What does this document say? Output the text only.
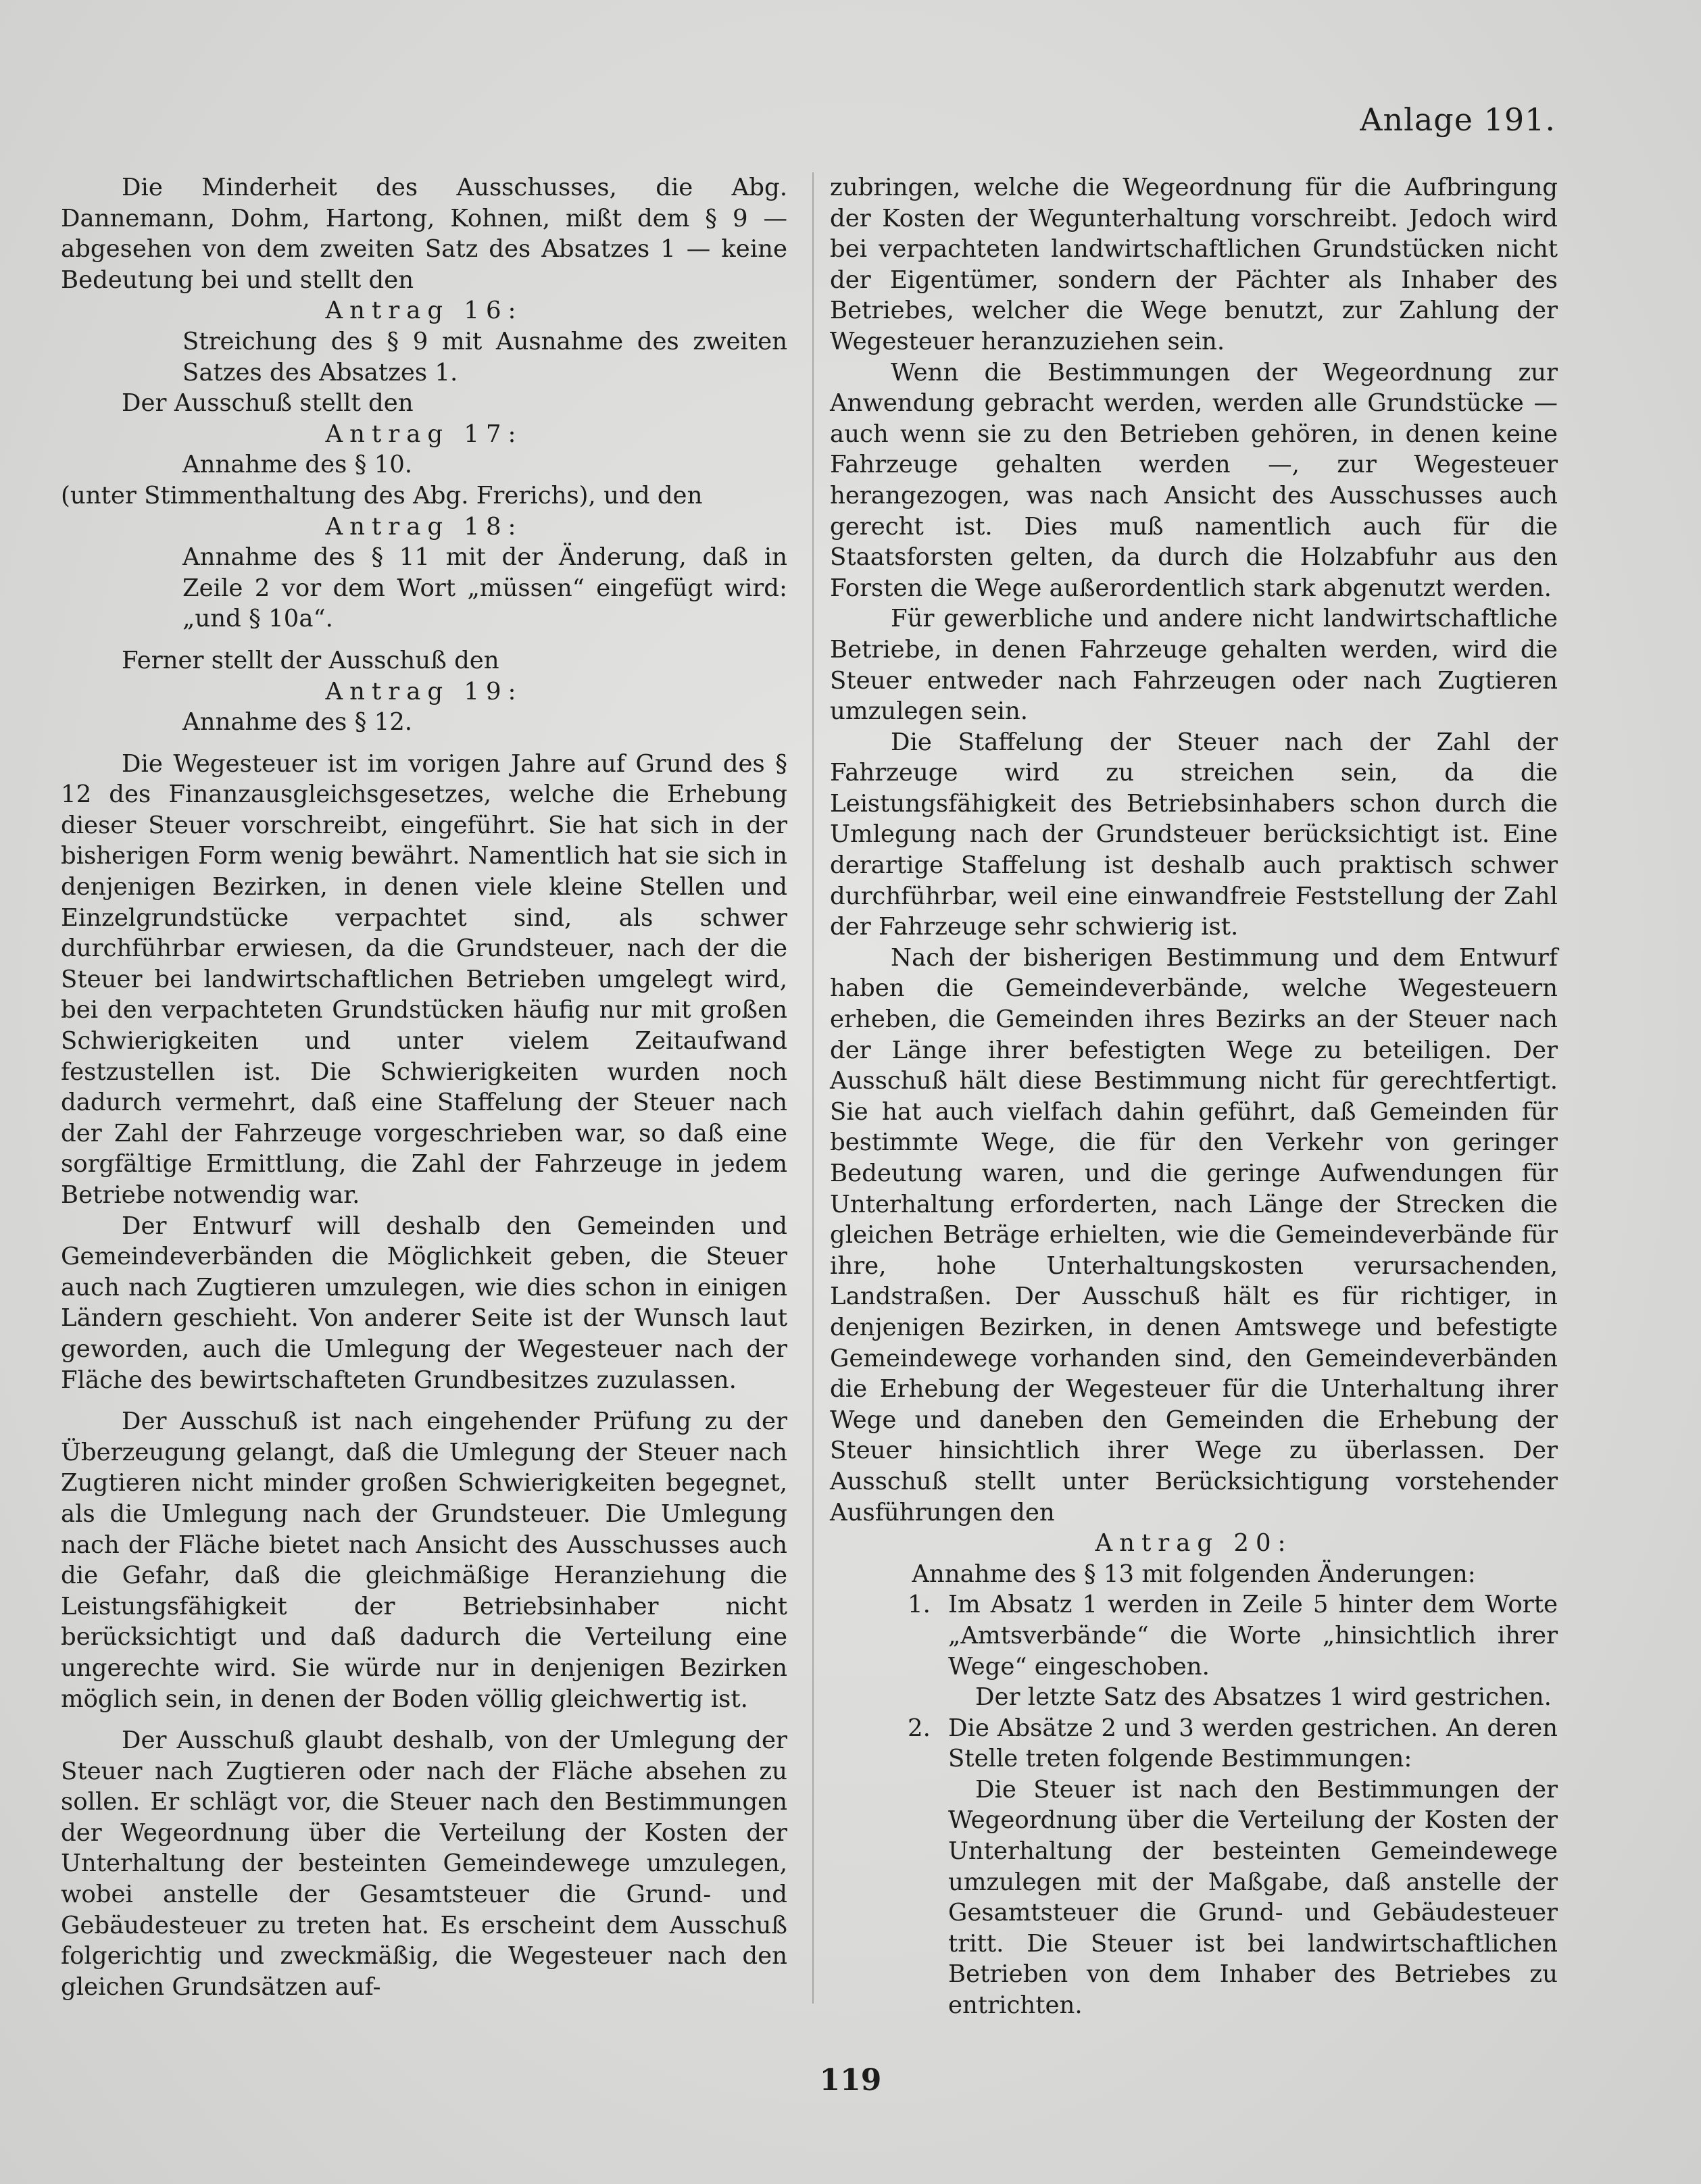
Anlage 191.

Die Minderheit des Ausschusses, die Abg. Dannemann, Dohm, Hartong, Kohnen, mißt dem § 9 — abgesehen von dem zweiten Satz des Absatzes 1 — keine Bedeutung bei und stellt den

Antrag 16:

Streichung des § 9 mit Ausnahme des zweiten Satzes des Absatzes 1.

Der Ausschuß stellt den

Antrag 17:

Annahme des § 10.

(unter Stimmenthaltung des Abg. Frerichs), und den

Antrag 18:

Annahme des § 11 mit der Änderung, daß in Zeile 2 vor dem Wort „müssen“ eingefügt wird: „und § 10a“.

Ferner stellt der Ausschuß den

Antrag 19:

Annahme des § 12.

Die Wegesteuer ist im vorigen Jahre auf Grund des § 12 des Finanzausgleichsgesetzes, welche die Erhebung dieser Steuer vorschreibt, eingeführt. Sie hat sich in der bisherigen Form wenig bewährt. Namentlich hat sie sich in denjenigen Bezirken, in denen viele kleine Stellen und Einzelgrundstücke verpachtet sind, als schwer durchführbar erwiesen, da die Grundsteuer, nach der die Steuer bei landwirtschaftlichen Betrieben umgelegt wird, bei den verpachteten Grundstücken häufig nur mit großen Schwierigkeiten und unter vielem Zeitaufwand festzustellen ist. Die Schwierigkeiten wurden noch dadurch vermehrt, daß eine Staffelung der Steuer nach der Zahl der Fahrzeuge vorgeschrieben war, so daß eine sorgfältige Ermittlung, die Zahl der Fahrzeuge in jedem Betriebe notwendig war.

Der Entwurf will deshalb den Gemeinden und Gemeindeverbänden die Möglichkeit geben, die Steuer auch nach Zugtieren umzulegen, wie dies schon in einigen Ländern geschieht. Von anderer Seite ist der Wunsch laut geworden, auch die Umlegung der Wegesteuer nach der Fläche des bewirtschafteten Grundbesitzes zuzulassen.

Der Ausschuß ist nach eingehender Prüfung zu der Überzeugung gelangt, daß die Umlegung der Steuer nach Zugtieren nicht minder großen Schwierigkeiten begegnet, als die Umlegung nach der Grundsteuer. Die Umlegung nach der Fläche bietet nach Ansicht des Ausschusses auch die Gefahr, daß die gleichmäßige Heranziehung die Leistungsfähigkeit der Betriebsinhaber nicht berücksichtigt und daß dadurch die Verteilung eine ungerechte wird. Sie würde nur in denjenigen Bezirken möglich sein, in denen der Boden völlig gleichwertig ist.

Der Ausschuß glaubt deshalb, von der Umlegung der Steuer nach Zugtieren oder nach der Fläche absehen zu sollen. Er schlägt vor, die Steuer nach den Bestimmungen der Wegeordnung über die Verteilung der Kosten der Unterhaltung der besteinten Gemeindewege umzulegen, wobei anstelle der Gesamtsteuer die Grund- und Gebäudesteuer zu treten hat. Es erscheint dem Ausschuß folgerichtig und zweckmäßig, die Wegesteuer nach den gleichen Grundsätzen auf-

zubringen, welche die Wegeordnung für die Aufbringung der Kosten der Wegunterhaltung vorschreibt. Jedoch wird bei verpachteten landwirtschaftlichen Grundstücken nicht der Eigentümer, sondern der Pächter als Inhaber des Betriebes, welcher die Wege benutzt, zur Zahlung der Wegesteuer heranzuziehen sein.

Wenn die Bestimmungen der Wegeordnung zur Anwendung gebracht werden, werden alle Grundstücke — auch wenn sie zu den Betrieben gehören, in denen keine Fahrzeuge gehalten werden —, zur Wegesteuer herangezogen, was nach Ansicht des Ausschusses auch gerecht ist. Dies muß namentlich auch für die Staatsforsten gelten, da durch die Holzabfuhr aus den Forsten die Wege außerordentlich stark abgenutzt werden.

Für gewerbliche und andere nicht landwirtschaftliche Betriebe, in denen Fahrzeuge gehalten werden, wird die Steuer entweder nach Fahrzeugen oder nach Zugtieren umzulegen sein.

Die Staffelung der Steuer nach der Zahl der Fahrzeuge wird zu streichen sein, da die Leistungsfähigkeit des Betriebsinhabers schon durch die Umlegung nach der Grundsteuer berücksichtigt ist. Eine derartige Staffelung ist deshalb auch praktisch schwer durchführbar, weil eine einwandfreie Feststellung der Zahl der Fahrzeuge sehr schwierig ist.

Nach der bisherigen Bestimmung und dem Entwurf haben die Gemeindeverbände, welche Wegesteuern erheben, die Gemeinden ihres Bezirks an der Steuer nach der Länge ihrer befestigten Wege zu beteiligen. Der Ausschuß hält diese Bestimmung nicht für gerechtfertigt. Sie hat auch vielfach dahin geführt, daß Gemeinden für bestimmte Wege, die für den Verkehr von geringer Bedeutung waren, und die geringe Aufwendungen für Unterhaltung erforderten, nach Länge der Strecken die gleichen Beträge erhielten, wie die Gemeindeverbände für ihre, hohe Unterhaltungskosten verursachenden, Landstraßen. Der Ausschuß hält es für richtiger, in denjenigen Bezirken, in denen Amtswege und befestigte Gemeindewege vorhanden sind, den Gemeindeverbänden die Erhebung der Wegesteuer für die Unterhaltung ihrer Wege und daneben den Gemeinden die Erhebung der Steuer hinsichtlich ihrer Wege zu überlassen. Der Ausschuß stellt unter Berücksichtigung vorstehender Ausführungen den

Antrag 20:

Annahme des § 13 mit folgenden Änderungen:

1. Im Absatz 1 werden in Zeile 5 hinter dem Worte „Amtsverbände“ die Worte „hinsichtlich ihrer Wege“ eingeschoben.

Der letzte Satz des Absatzes 1 wird gestrichen.

2. Die Absätze 2 und 3 werden gestrichen. An deren Stelle treten folgende Bestimmungen:

Die Steuer ist nach den Bestimmungen der Wegeordnung über die Verteilung der Kosten der Unterhaltung der besteinten Gemeindewege umzulegen mit der Maßgabe, daß anstelle der Gesamtsteuer die Grund- und Gebäudesteuer tritt. Die Steuer ist bei landwirtschaftlichen Betrieben von dem Inhaber des Betriebes zu entrichten.

119
